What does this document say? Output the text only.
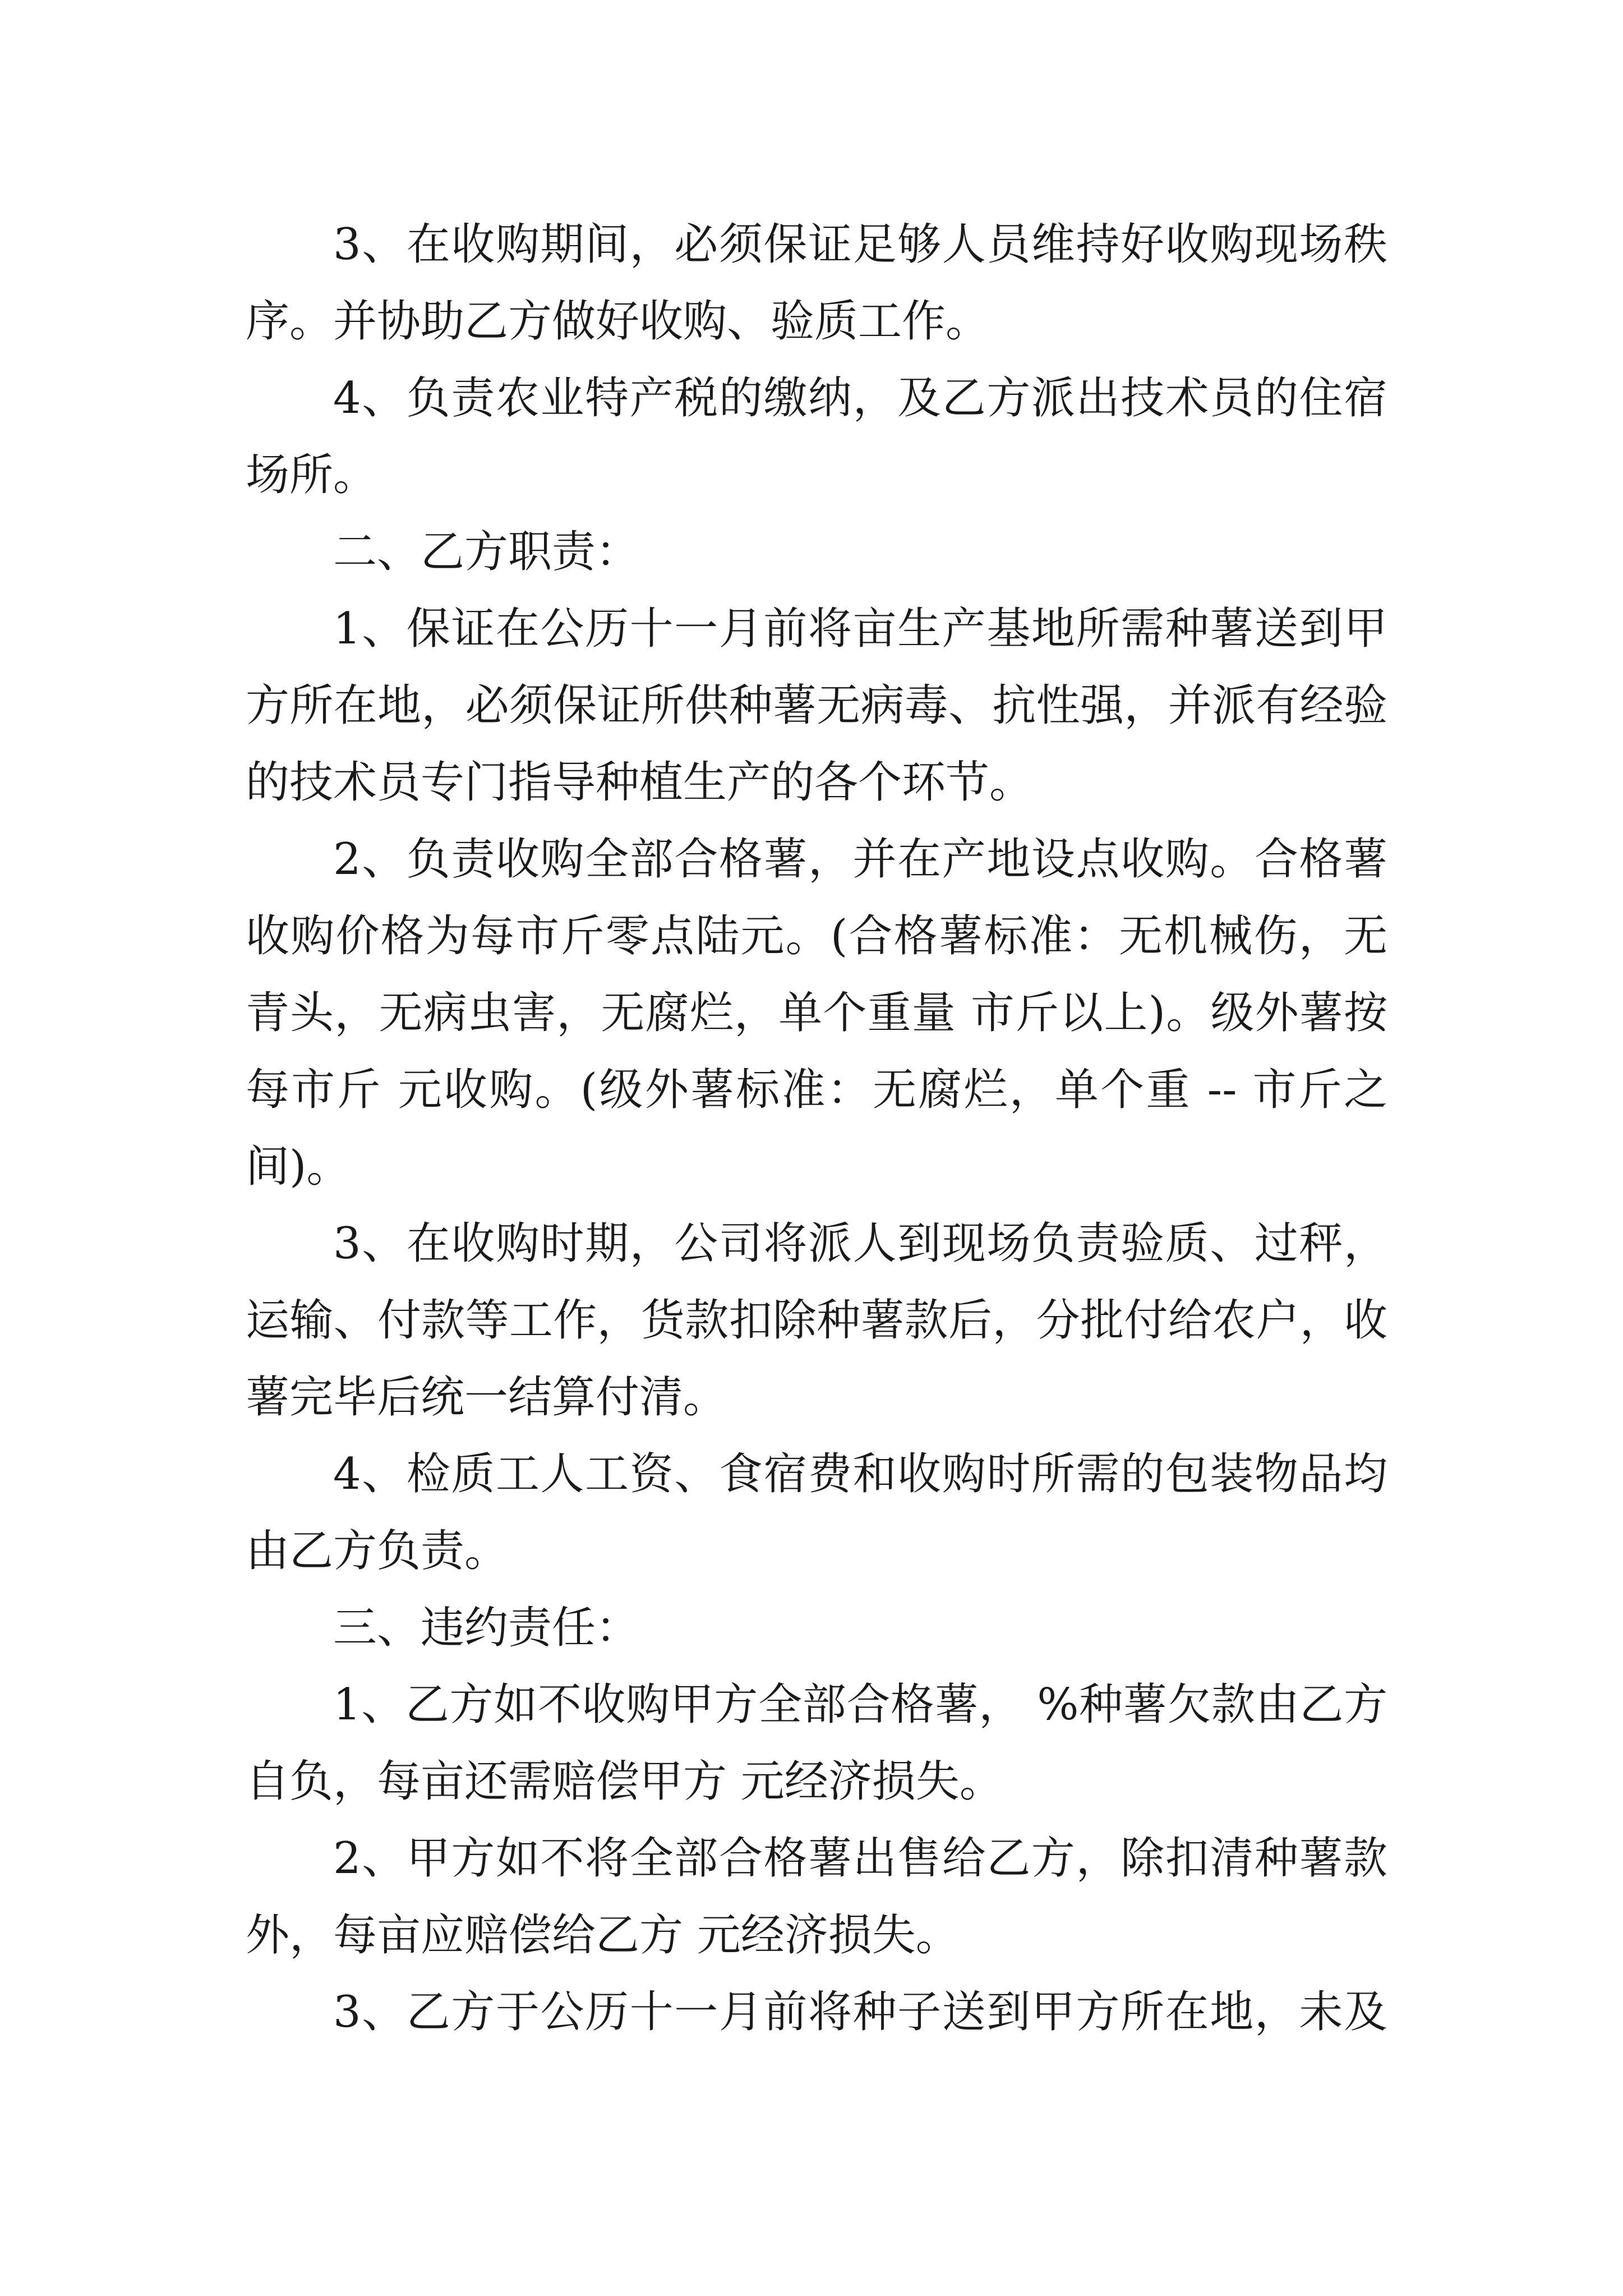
3、在收购期间，必须保证足够人员维持好收购现场秩
序。并协助乙方做好收购、验质工作。
4、负责农业特产税的缴纳，及乙方派出技术员的住宿
场所。
二、乙方职责：
1、保证在公历十一月前将亩生产基地所需种薯送到甲
方所在地，必须保证所供种薯无病毒、抗性强，并派有经验
的技术员专门指导种植生产的各个环节。
2、负责收购全部合格薯，并在产地设点收购。合格薯
收购价格为每市斤零点陆元。(合格薯标准：无机械伤，无
青头，无病虫害，无腐烂，单个重量 市斤以上)。级外薯按
每市斤 元收购。(级外薯标准：无腐烂，单个重 -- 市斤之
间)。
3、在收购时期，公司将派人到现场负责验质、过秤，
运输、付款等工作，货款扣除种薯款后，分批付给农户，收
薯完毕后统一结算付清。
4、检质工人工资、食宿费和收购时所需的包装物品均
由乙方负责。
三、违约责任：
1、乙方如不收购甲方全部合格薯， %种薯欠款由乙方
自负，每亩还需赔偿甲方 元经济损失。
2、甲方如不将全部合格薯出售给乙方，除扣清种薯款
外，每亩应赔偿给乙方 元经济损失。
3、乙方于公历十一月前将种子送到甲方所在地，未及
